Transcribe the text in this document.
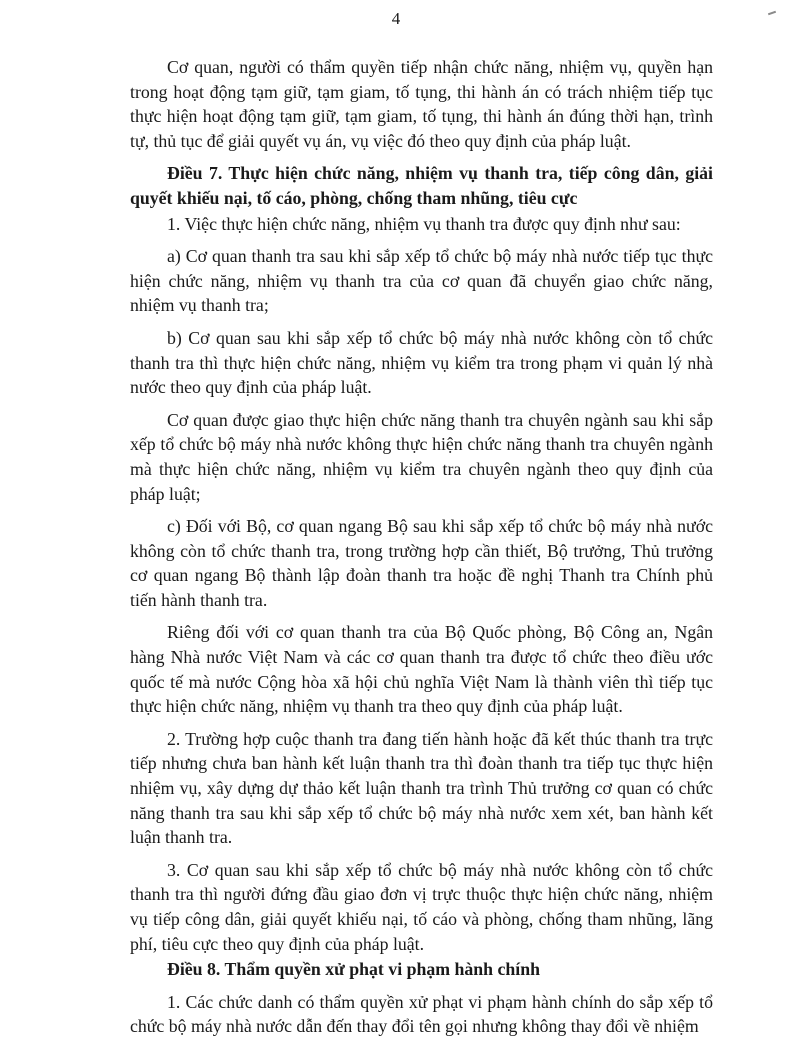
4

Cơ quan, người có thẩm quyền tiếp nhận chức năng, nhiệm vụ, quyền hạn trong hoạt động tạm giữ, tạm giam, tố tụng, thi hành án có trách nhiệm tiếp tục thực hiện hoạt động tạm giữ, tạm giam, tố tụng, thi hành án đúng thời hạn, trình tự, thủ tục để giải quyết vụ án, vụ việc đó theo quy định của pháp luật.

Điều 7. Thực hiện chức năng, nhiệm vụ thanh tra, tiếp công dân, giải quyết khiếu nại, tố cáo, phòng, chống tham nhũng, tiêu cực

1. Việc thực hiện chức năng, nhiệm vụ thanh tra được quy định như sau:

a) Cơ quan thanh tra sau khi sắp xếp tổ chức bộ máy nhà nước tiếp tục thực hiện chức năng, nhiệm vụ thanh tra của cơ quan đã chuyển giao chức năng, nhiệm vụ thanh tra;

b) Cơ quan sau khi sắp xếp tổ chức bộ máy nhà nước không còn tổ chức thanh tra thì thực hiện chức năng, nhiệm vụ kiểm tra trong phạm vi quản lý nhà nước theo quy định của pháp luật.

Cơ quan được giao thực hiện chức năng thanh tra chuyên ngành sau khi sắp xếp tổ chức bộ máy nhà nước không thực hiện chức năng thanh tra chuyên ngành mà thực hiện chức năng, nhiệm vụ kiểm tra chuyên ngành theo quy định của pháp luật;

c) Đối với Bộ, cơ quan ngang Bộ sau khi sắp xếp tổ chức bộ máy nhà nước không còn tổ chức thanh tra, trong trường hợp cần thiết, Bộ trưởng, Thủ trưởng cơ quan ngang Bộ thành lập đoàn thanh tra hoặc đề nghị Thanh tra Chính phủ tiến hành thanh tra.

Riêng đối với cơ quan thanh tra của Bộ Quốc phòng, Bộ Công an, Ngân hàng Nhà nước Việt Nam và các cơ quan thanh tra được tổ chức theo điều ước quốc tế mà nước Cộng hòa xã hội chủ nghĩa Việt Nam là thành viên thì tiếp tục thực hiện chức năng, nhiệm vụ thanh tra theo quy định của pháp luật.

2. Trường hợp cuộc thanh tra đang tiến hành hoặc đã kết thúc thanh tra trực tiếp nhưng chưa ban hành kết luận thanh tra thì đoàn thanh tra tiếp tục thực hiện nhiệm vụ, xây dựng dự thảo kết luận thanh tra trình Thủ trưởng cơ quan có chức năng thanh tra sau khi sắp xếp tổ chức bộ máy nhà nước xem xét, ban hành kết luận thanh tra.

3. Cơ quan sau khi sắp xếp tổ chức bộ máy nhà nước không còn tổ chức thanh tra thì người đứng đầu giao đơn vị trực thuộc thực hiện chức năng, nhiệm vụ tiếp công dân, giải quyết khiếu nại, tố cáo và phòng, chống tham nhũng, lãng phí, tiêu cực theo quy định của pháp luật.

Điều 8. Thẩm quyền xử phạt vi phạm hành chính

1. Các chức danh có thẩm quyền xử phạt vi phạm hành chính do sắp xếp tổ chức bộ máy nhà nước dẫn đến thay đổi tên gọi nhưng không thay đổi về nhiệm
